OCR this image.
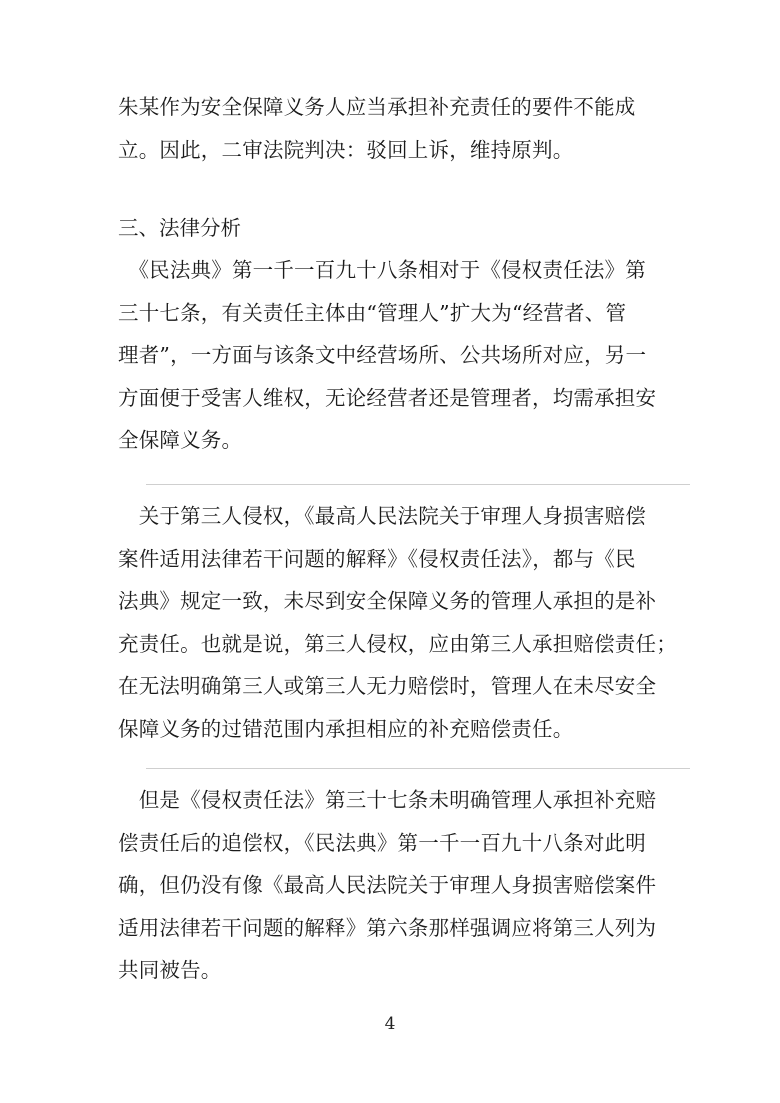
朱某作为安全保障义务人应当承担补充责任的要件不能成
立。因此，二审法院判决：驳回上诉，维持原判。
三、法律分析
　《民法典》第一千一百九十八条相对于《侵权责任法》第
三十七条，有关责任主体由“管理人”扩大为“经营者、管
理者”，一方面与该条文中经营场所、公共场所对应，另一
方面便于受害人维权，无论经营者还是管理者，均需承担安
全保障义务。
　关于第三人侵权，《最高人民法院关于审理人身损害赔偿
案件适用法律若干问题的解释》《侵权责任法》，都与《民
法典》规定一致，未尽到安全保障义务的管理人承担的是补
充责任。也就是说，第三人侵权，应由第三人承担赔偿责任；
在无法明确第三人或第三人无力赔偿时，管理人在未尽安全
保障义务的过错范围内承担相应的补充赔偿责任。
　但是《侵权责任法》第三十七条未明确管理人承担补充赔
偿责任后的追偿权，《民法典》第一千一百九十八条对此明
确，但仍没有像《最高人民法院关于审理人身损害赔偿案件
适用法律若干问题的解释》第六条那样强调应将第三人列为
共同被告。
4
